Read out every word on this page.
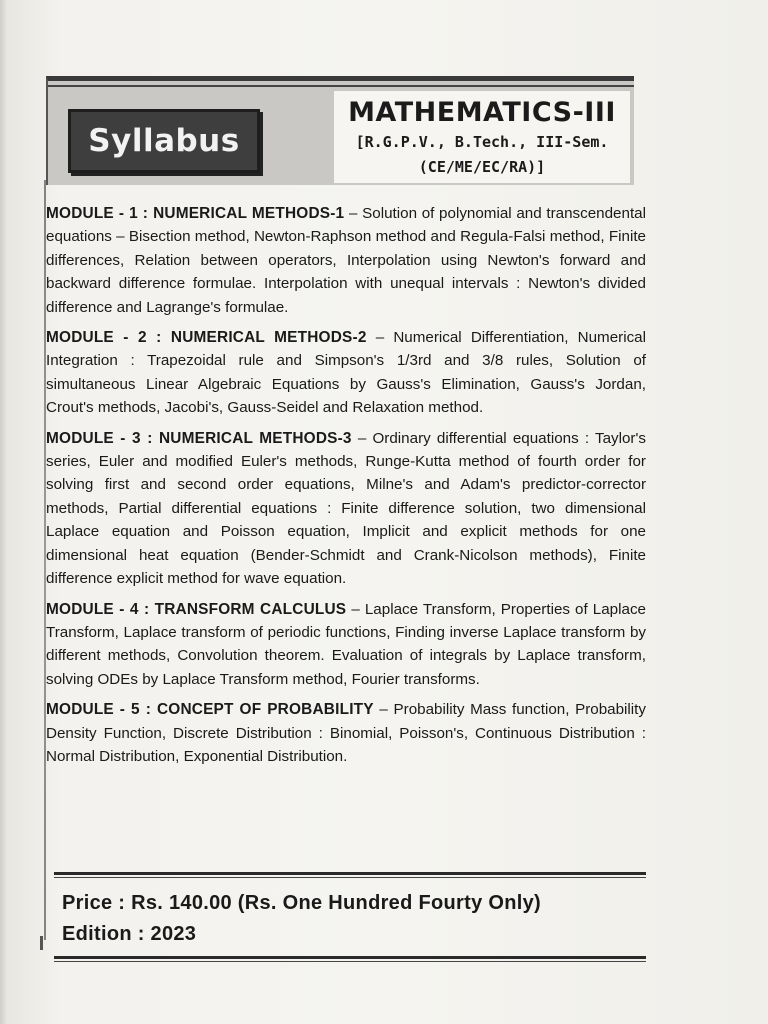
Syllabus
MATHEMATICS-III
[R.G.P.V., B.Tech., III-Sem.
(CE/ME/EC/RA)]

MODULE - 1 : NUMERICAL METHODS-1 – Solution of polynomial and transcendental equations – Bisection method, Newton-Raphson method and Regula-Falsi method, Finite differences, Relation between operators, Interpolation using Newton's forward and backward difference formulae. Interpolation with unequal intervals : Newton's divided difference and Lagrange's formulae.

MODULE - 2 : NUMERICAL METHODS-2 – Numerical Differentiation, Numerical Integration : Trapezoidal rule and Simpson's 1/3rd and 3/8 rules, Solution of simultaneous Linear Algebraic Equations by Gauss's Elimination, Gauss's Jordan, Crout's methods, Jacobi's, Gauss-Seidel and Relaxation method.

MODULE - 3 : NUMERICAL METHODS-3 – Ordinary differential equations : Taylor's series, Euler and modified Euler's methods, Runge-Kutta method of fourth order for solving first and second order equations, Milne's and Adam's predictor-corrector methods, Partial differential equations : Finite difference solution, two dimensional Laplace equation and Poisson equation, Implicit and explicit methods for one dimensional heat equation (Bender-Schmidt and Crank-Nicolson methods), Finite difference explicit method for wave equation.

MODULE - 4 : TRANSFORM CALCULUS – Laplace Transform, Properties of Laplace Transform, Laplace transform of periodic functions, Finding inverse Laplace transform by different methods, Convolution theorem. Evaluation of integrals by Laplace transform, solving ODEs by Laplace Transform method, Fourier transforms.

MODULE - 5 : CONCEPT OF PROBABILITY – Probability Mass function, Probability Density Function, Discrete Distribution : Binomial, Poisson's, Continuous Distribution : Normal Distribution, Exponential Distribution.

Price : Rs. 140.00 (Rs. One Hundred Fourty Only)
Edition : 2023
